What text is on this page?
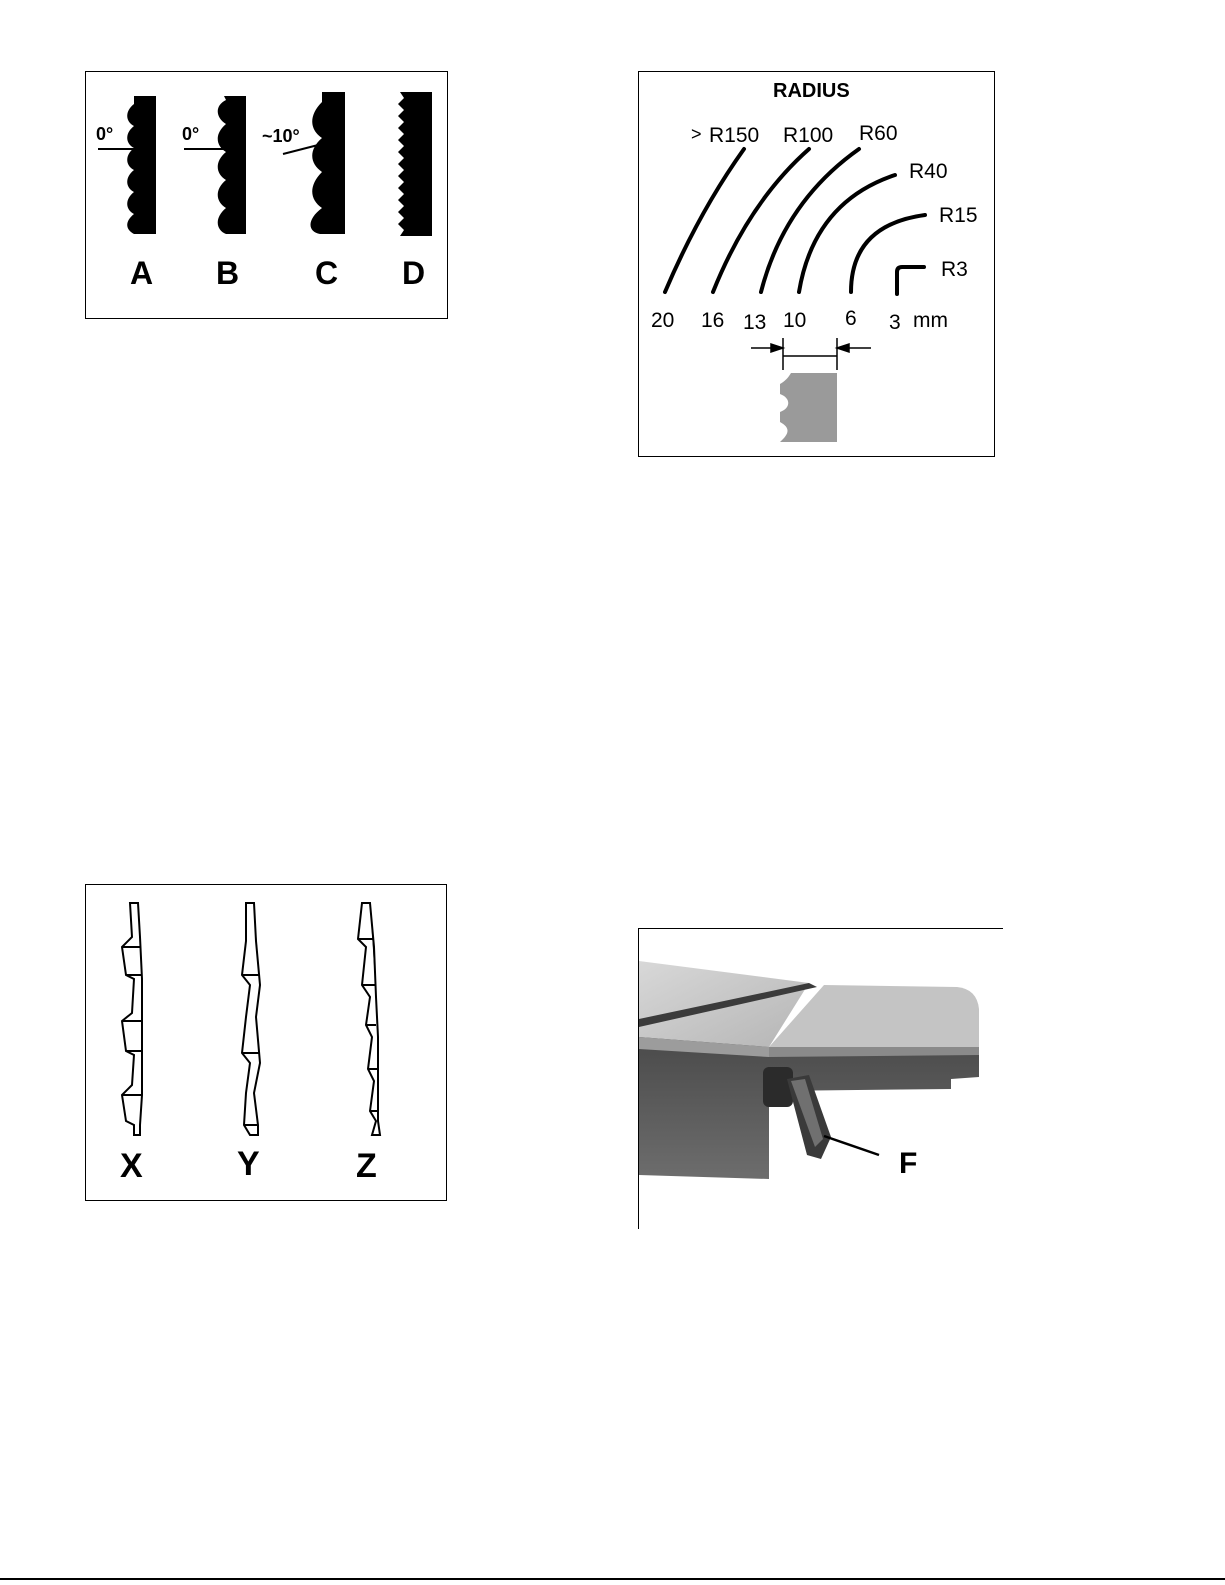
0°	0°	~10°
A B C D
RADIUS
> R150 R100 R60
R40
R15
R3
20 16 13 10 6 3 mm
X	Y	Z	F
